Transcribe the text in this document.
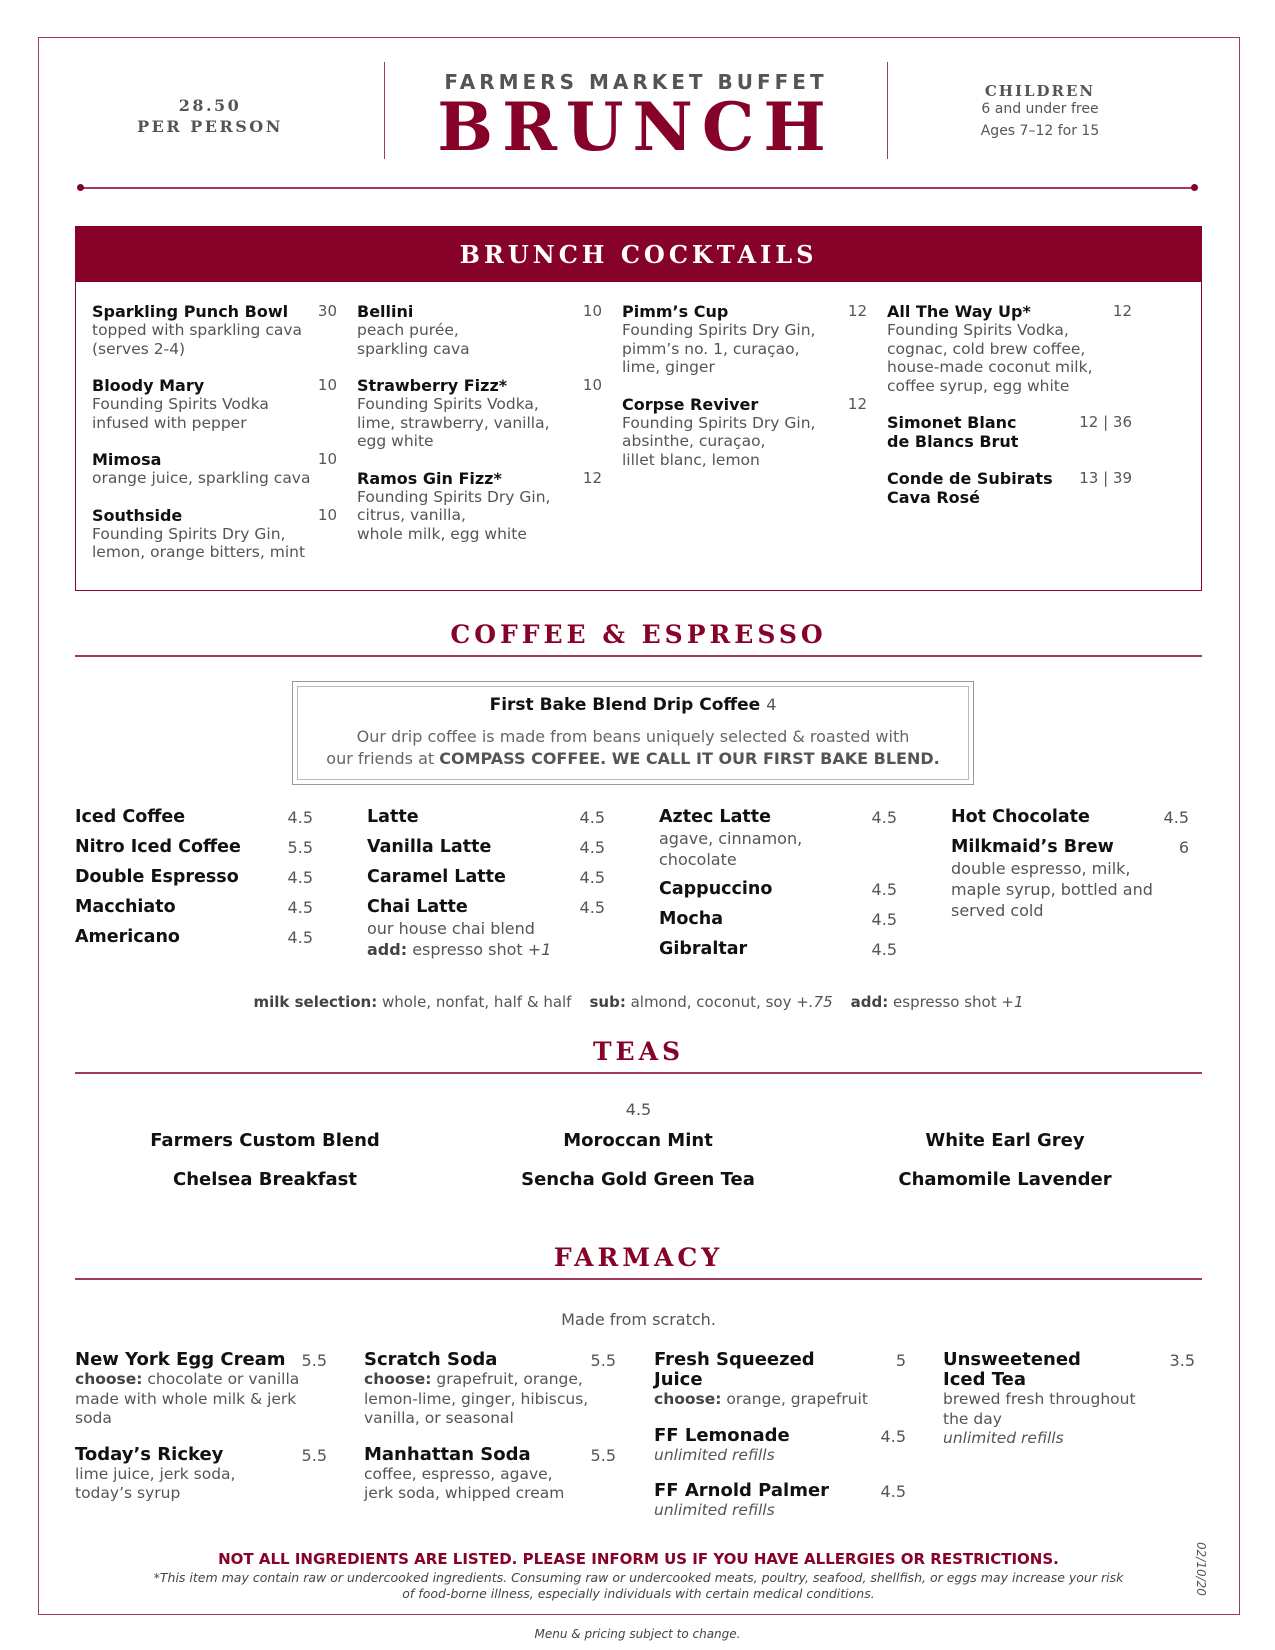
28.50
PER PERSON
FARMERS MARKET BUFFET
BRUNCH	CHILDREN
6 and under free
Ages 7–12 for 15
BRUNCH COCKTAILS
Sparkling Punch Bowl	30
topped with sparkling cava
(serves 2-4)
Bloody Mary	10
Founding Spirits Vodka
infused with pepper
Mimosa	10
orange juice, sparkling cava
Southside	10
Founding Spirits Dry Gin,
lemon, orange bitters, mint
Bellini	10
peach purée,
sparkling cava
Strawberry Fizz*	10
Founding Spirits Vodka,
lime, strawberry, vanilla,
egg white
Ramos Gin Fizz*	12
Founding Spirits Dry Gin,
citrus, vanilla,
whole milk, egg white
Pimm’s Cup	12
Founding Spirits Dry Gin,
pimm’s no. 1, curaçao,
lime, ginger
Corpse Reviver	12
Founding Spirits Dry Gin,
absinthe, curaçao,
lillet blanc, lemon
All The Way Up*	12
Founding Spirits Vodka,
cognac, cold brew coffee,
house-made coconut milk,
coffee syrup, egg white
Simonet Blanc
de Blancs Brut
12 | 36
Conde de Subirats
Cava Rosé
13 | 39
COFFEE & ESPRESSO
First Bake Blend Drip Coffee 4
Our drip coffee is made from beans uniquely selected & roasted with
our friends at COMPASS COFFEE. WE CALL IT OUR FIRST BAKE BLEND.
Iced Coffee	4.5
Nitro Iced Coffee	5.5
Double Espresso	4.5
Macchiato	4.5
Americano	4.5
Latte	4.5
Vanilla Latte	4.5
Caramel Latte	4.5
Chai Latte	4.5
our house chai blend
add: espresso shot +1
Aztec Latte	4.5
agave, cinnamon,
chocolate
Cappuccino	4.5
Mocha	4.5
Gibraltar	4.5
Hot Chocolate	4.5
Milkmaid’s Brew	6
double espresso, milk,
maple syrup, bottled and
served cold
milk selection: whole, nonfat, half & half sub: almond, coconut, soy +.75 add: espresso shot +1
TEAS
4.5
Farmers Custom Blend	Moroccan Mint	White Earl Grey
Chelsea Breakfast	Sencha Gold Green Tea	Chamomile Lavender
FARMACY
Made from scratch.
New York Egg Cream 5.5
choose: chocolate or vanilla
made with whole milk & jerk soda
Today’s Rickey	5.5
lime juice, jerk soda,
today’s syrup
Scratch Soda	5.5
choose: grapefruit, orange,
lemon-lime, ginger, hibiscus,
vanilla, or seasonal
Manhattan Soda	5.5
coffee, espresso, agave,
jerk soda, whipped cream
Fresh Squeezed Juice
5
choose: orange, grapefruit
FF Lemonade	4.5
unlimited refills
FF Arnold Palmer	4.5
unlimited refills
Unsweetened
Iced Tea
3.5
brewed fresh throughout
the day
unlimited refills
NOT ALL INGREDIENTS ARE LISTED. PLEASE INFORM US IF YOU HAVE ALLERGIES OR RESTRICTIONS.
*This item may contain raw or undercooked ingredients. Consuming raw or undercooked meats, poultry, seafood, shellfish, or eggs may increase your risk
of food-borne illness, especially individuals with certain medical conditions.	02/10/20
Menu & pricing subject to change.
